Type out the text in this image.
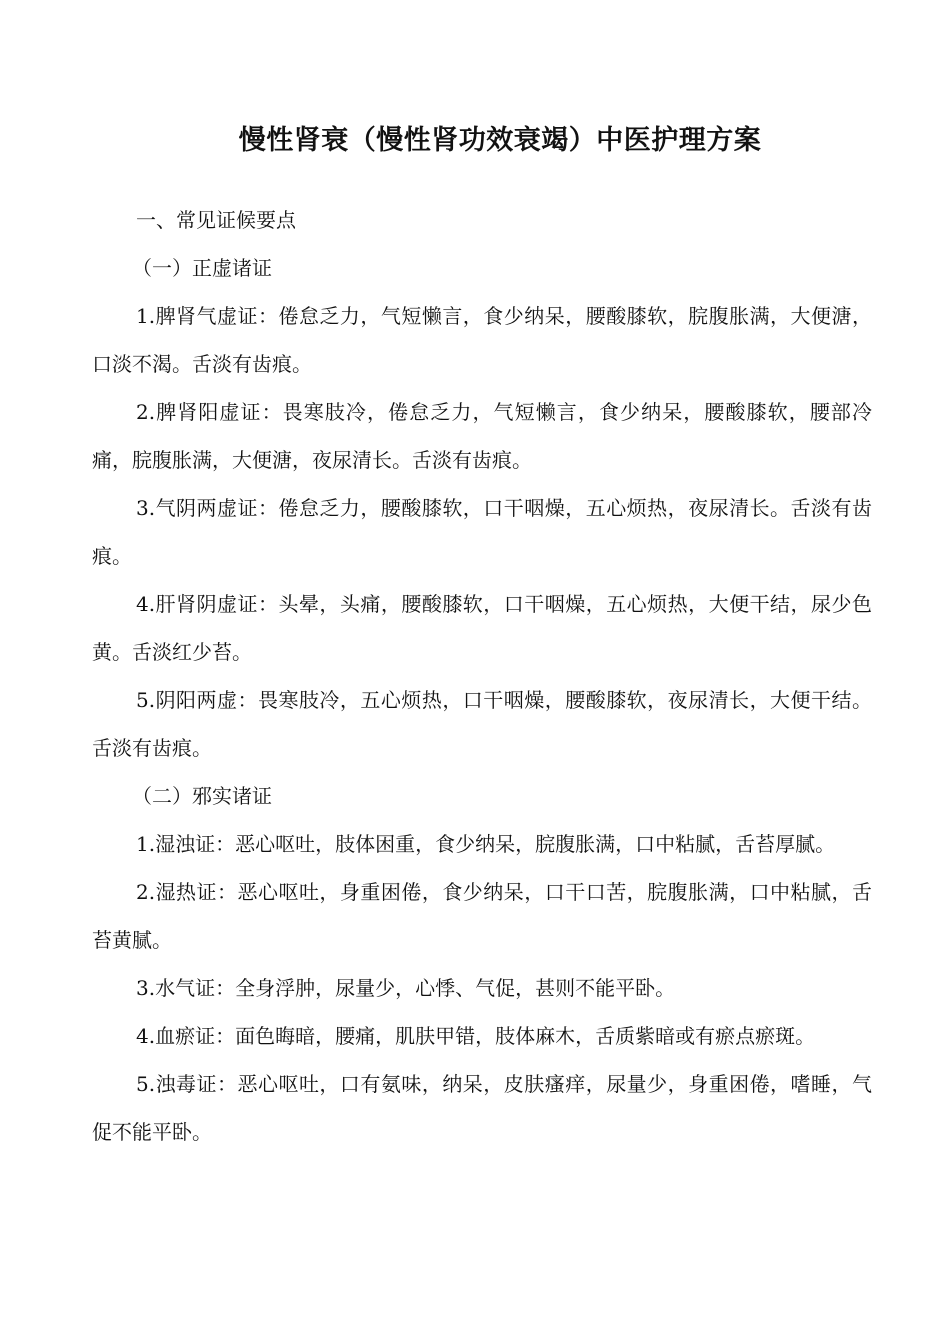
慢性肾衰（慢性肾功效衰竭）中医护理方案

一、常见证候要点

（一）正虚诸证

1.脾肾气虚证：倦怠乏力，气短懒言，食少纳呆，腰酸膝软，脘腹胀满，大便溏，口淡不渴。舌淡有齿痕。

2.脾肾阳虚证：畏寒肢冷，倦怠乏力，气短懒言，食少纳呆，腰酸膝软，腰部冷痛，脘腹胀满，大便溏，夜尿清长。舌淡有齿痕。

3.气阴两虚证：倦怠乏力，腰酸膝软，口干咽燥，五心烦热，夜尿清长。舌淡有齿痕。

4.肝肾阴虚证：头晕，头痛，腰酸膝软，口干咽燥，五心烦热，大便干结，尿少色黄。舌淡红少苔。

5.阴阳两虚：畏寒肢冷，五心烦热，口干咽燥，腰酸膝软，夜尿清长，大便干结。舌淡有齿痕。

（二）邪实诸证

1.湿浊证：恶心呕吐，肢体困重，食少纳呆，脘腹胀满，口中粘腻，舌苔厚腻。

2.湿热证：恶心呕吐，身重困倦，食少纳呆，口干口苦，脘腹胀满，口中粘腻，舌苔黄腻。

3.水气证：全身浮肿，尿量少，心悸、气促，甚则不能平卧。

4.血瘀证：面色晦暗，腰痛，肌肤甲错，肢体麻木，舌质紫暗或有瘀点瘀斑。

5.浊毒证：恶心呕吐，口有氨味，纳呆，皮肤瘙痒，尿量少，身重困倦，嗜睡，气促不能平卧。
